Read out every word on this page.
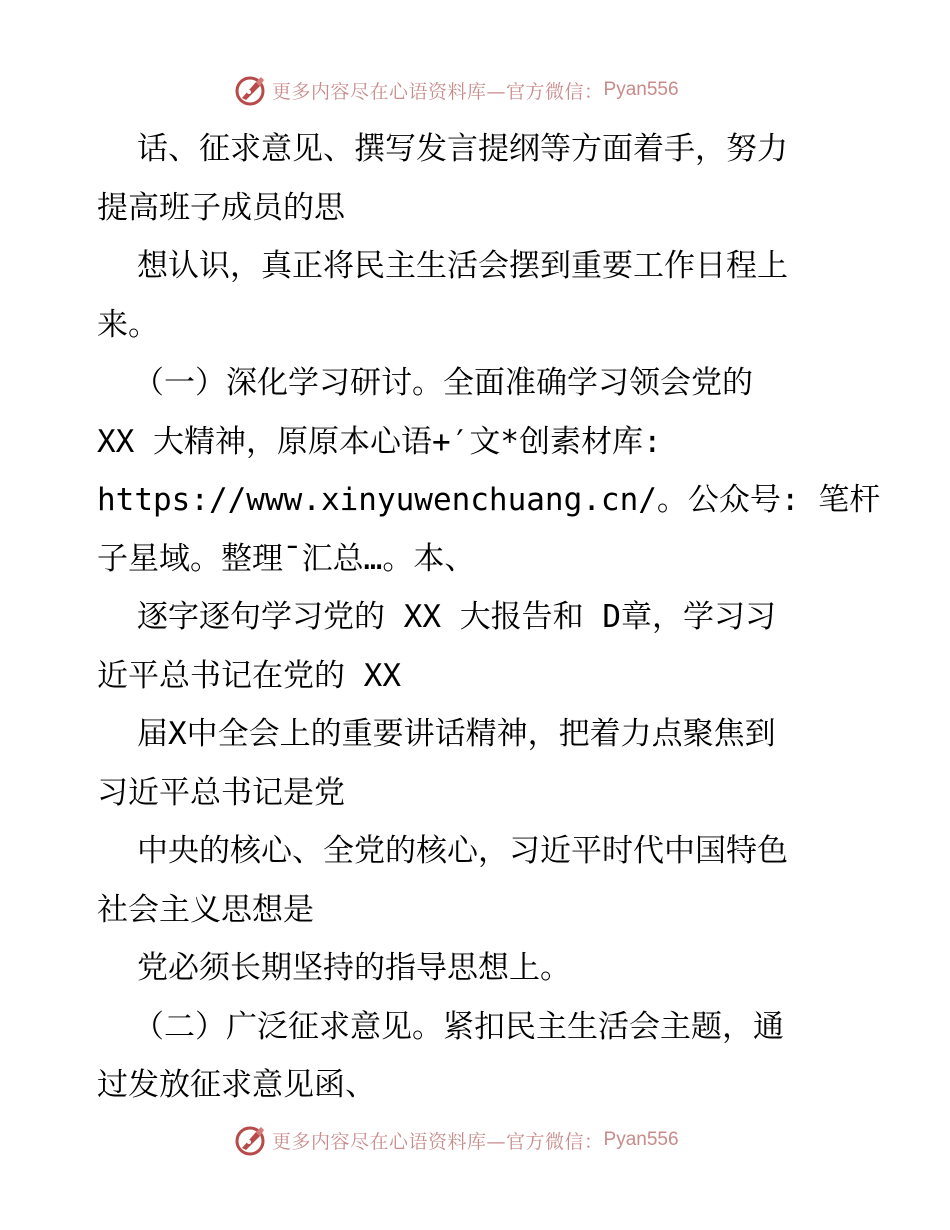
更多内容尽在心语资料库—官方微信： Pyan556
话、征求意见、撰写发言提纲等方面着手，努力
提高班子成员的思
想认识，真正将民主生活会摆到重要工作日程上
来。
（一）深化学习研讨。全面准确学习领会党的
XX 大精神，原原本心语+′文*创素材库:
https://www.xinyuwenchuang.cn/。公众号: 笔杆
子星域。整理¯汇总…。本、
逐字逐句学习党的 XX 大报告和 D章，学习习
近平总书记在党的 XX
届X中全会上的重要讲话精神，把着力点聚焦到
习近平总书记是党
中央的核心、全党的核心，习近平时代中国特色
社会主义思想是
党必须长期坚持的指导思想上。
（二）广泛征求意见。紧扣民主生活会主题，通
过发放征求意见函、
更多内容尽在心语资料库—官方微信： Pyan556
